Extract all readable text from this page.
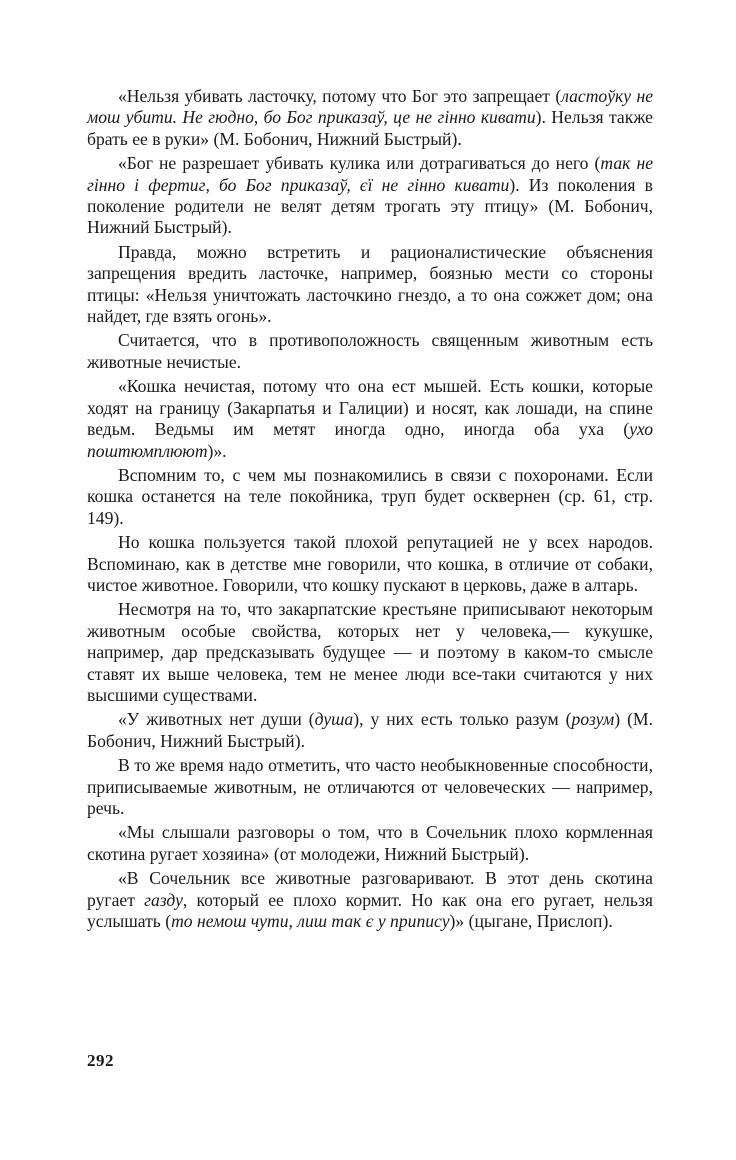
«Нельзя убивать ласточку, потому что Бог это запрещает (ластоўку не мош убити. Не гюдно, бо Бог приказаў, це не гінно кивати). Нельзя также брать ее в руки» (М. Бобонич, Нижний Быстрый).

«Бог не разрешает убивать кулика или дотрагиваться до него (так не гінно і фертиг, бо Бог приказаў, єї не гінно кивати). Из поколения в поколение родители не велят детям трогать эту птицу» (М. Бобонич, Нижний Быстрый).

Правда, можно встретить и рационалистические объяснения запрещения вредить ласточке, например, боязнью мести со стороны птицы: «Нельзя уничтожать ласточкино гнездо, а то она сожжет дом; она найдет, где взять огонь».

Считается, что в противоположность священным животным есть животные нечистые.

«Кошка нечистая, потому что она ест мышей. Есть кошки, которые ходят на границу (Закарпатья и Галиции) и носят, как лошади, на спине ведьм. Ведьмы им метят иногда одно, иногда оба уха (ухо поштюмплюют)».

Вспомним то, с чем мы познакомились в связи с похоронами. Если кошка останется на теле покойника, труп будет осквернен (ср. 61, стр. 149).

Но кошка пользуется такой плохой репутацией не у всех народов. Вспоминаю, как в детстве мне говорили, что кошка, в отличие от собаки, чистое животное. Говорили, что кошку пускают в церковь, даже в алтарь.

Несмотря на то, что закарпатские крестьяне приписывают некоторым животным особые свойства, которых нет у человека,— кукушке, например, дар предсказывать будущее — и поэтому в каком-то смысле ставят их выше человека, тем не менее люди все-таки считаются у них высшими существами.

«У животных нет души (душа), у них есть только разум (розум) (М. Бобонич, Нижний Быстрый).

В то же время надо отметить, что часто необыкновенные способности, приписываемые животным, не отличаются от человеческих — например, речь.

«Мы слышали разговоры о том, что в Сочельник плохо кормленная скотина ругает хозяина» (от молодежи, Нижний Быстрый).

«В Сочельник все животные разговаривают. В этот день скотина ругает газду, который ее плохо кормит. Но как она его ругает, нельзя услышать (то немош чути, лиш так є у припису)» (цыгане, Прислоп).

292
